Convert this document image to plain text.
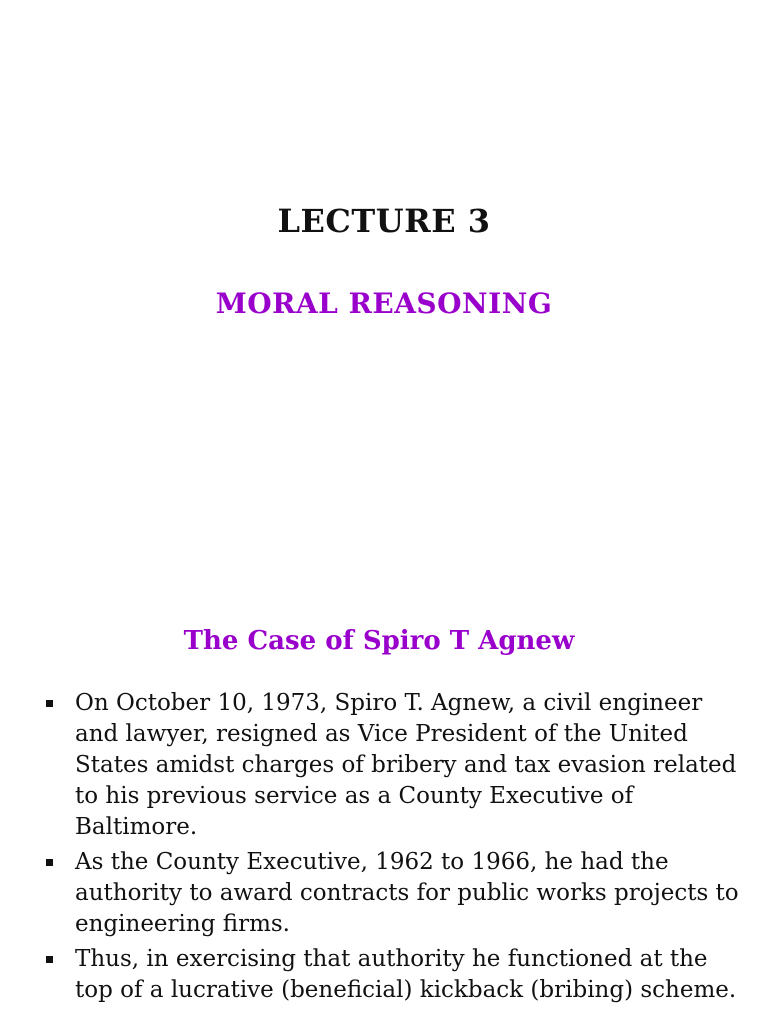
LECTURE 3
MORAL REASONING
The Case of Spiro T Agnew
On October 10, 1973, Spiro T. Agnew, a civil engineer and lawyer, resigned as Vice President of the United States amidst charges of bribery and tax evasion related to his previous service as a County Executive of Baltimore.
As the County Executive, 1962 to 1966, he had the authority to award contracts for public works projects to engineering firms.
Thus, in exercising that authority he functioned at the top of a lucrative (beneficial) kickback (bribing) scheme.
